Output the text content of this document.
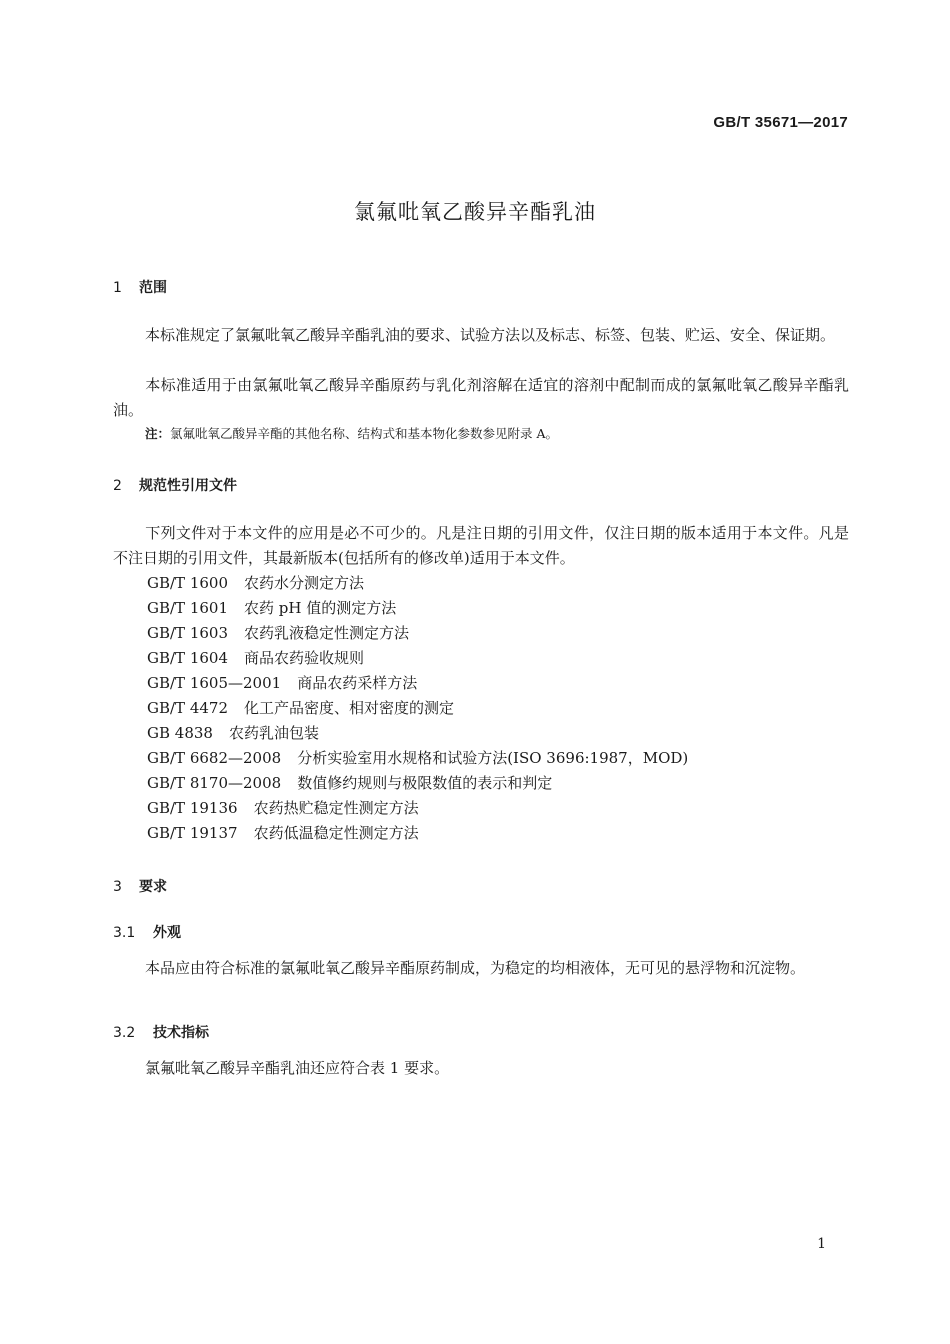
GB/T 35671—2017
氯氟吡氧乙酸异辛酯乳油
1 范围
本标准规定了氯氟吡氧乙酸异辛酯乳油的要求、试验方法以及标志、标签、包装、贮运、安全、保证期。
本标准适用于由氯氟吡氧乙酸异辛酯原药与乳化剂溶解在适宜的溶剂中配制而成的氯氟吡氧乙酸异辛酯乳油。
注：氯氟吡氧乙酸异辛酯的其他名称、结构式和基本物化参数参见附录 A。
2 规范性引用文件
下列文件对于本文件的应用是必不可少的。凡是注日期的引用文件，仅注日期的版本适用于本文件。凡是不注日期的引用文件，其最新版本(包括所有的修改单)适用于本文件。
GB/T 1600 农药水分测定方法
GB/T 1601 农药 pH 值的测定方法
GB/T 1603 农药乳液稳定性测定方法
GB/T 1604 商品农药验收规则
GB/T 1605—2001 商品农药采样方法
GB/T 4472 化工产品密度、相对密度的测定
GB 4838 农药乳油包装
GB/T 6682—2008 分析实验室用水规格和试验方法(ISO 3696:1987，MOD)
GB/T 8170—2008 数值修约规则与极限数值的表示和判定
GB/T 19136 农药热贮稳定性测定方法
GB/T 19137 农药低温稳定性测定方法
3 要求
3.1 外观
本品应由符合标准的氯氟吡氧乙酸异辛酯原药制成，为稳定的均相液体，无可见的悬浮物和沉淀物。
3.2 技术指标
氯氟吡氧乙酸异辛酯乳油还应符合表 1 要求。
1
